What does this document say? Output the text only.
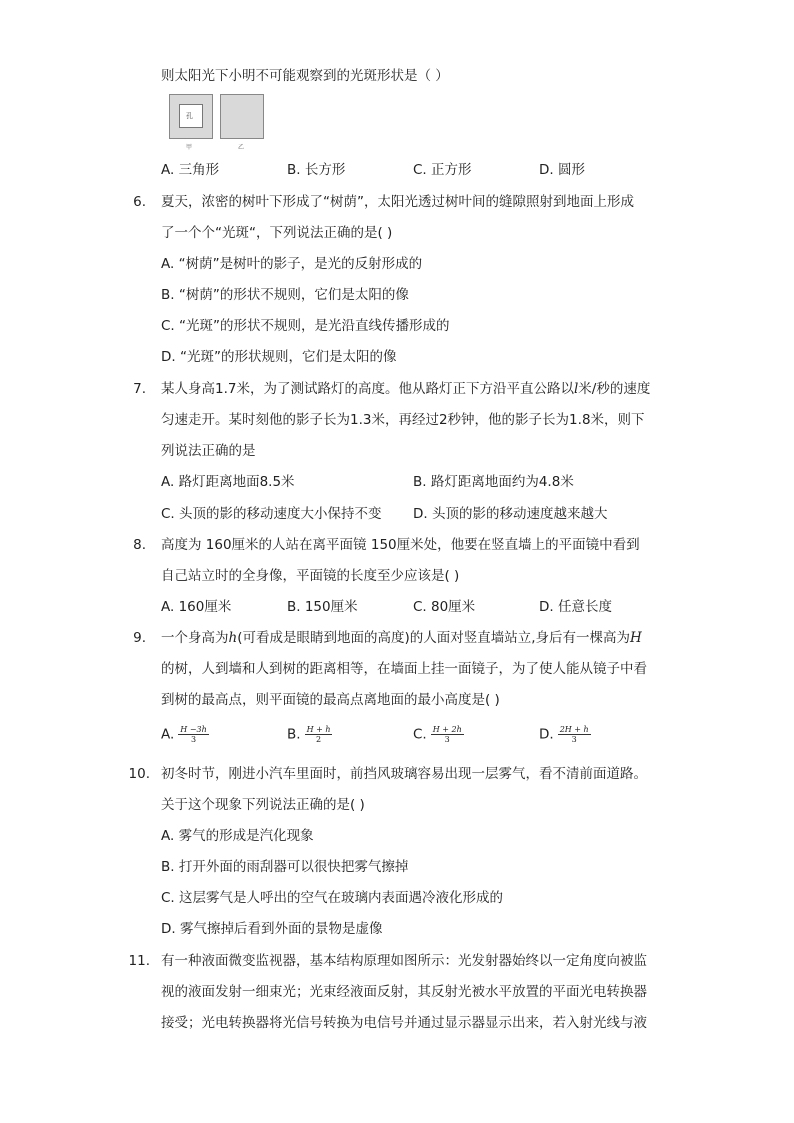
则太阳光下小明不可能观察到的光斑形状是（ ）
孔
甲	乙
A. 三角形	B. 长方形	C. 正方形	D. 圆形
6. 夏天，浓密的树叶下形成了“树荫”，太阳光透过树叶间的缝隙照射到地面上形成
了一个个“光斑“，下列说法正确的是( )
A. “树荫”是树叶的影子，是光的反射形成的
B. “树荫”的形状不规则，它们是太阳的像
C. “光斑”的形状不规则，是光沿直线传播形成的
D. “光斑”的形状规则，它们是太阳的像
7. 某人身高1.7米，为了测试路灯的高度。他从路灯正下方沿平直公路以l米/秒的速度
匀速走开。某时刻他的影子长为1.3米，再经过2秒钟，他的影子长为1.8米，则下
列说法正确的是
A. 路灯距离地面8.5米	B. 路灯距离地面约为4.8米
C. 头顶的影的移动速度大小保持不变 D. 头顶的影的移动速度越来越大
8. 高度为 160厘米的人站在离平面镜 150厘米处，他要在竖直墙上的平面镜中看到
自己站立时的全身像，平面镜的长度至少应该是( )
A. 160厘米	B. 150厘米	C. 80厘米	D. 任意长度
9. 一个身高为h(可看成是眼睛到地面的高度)的人面对竖直墙站立,身后有一棵高为H
的树，人到墙和人到树的距离相等，在墙面上挂一面镜子，为了使人能从镜子中看
到树的最高点，则平面镜的最高点离地面的最小高度是( )
A. $\frac{H -3h}{3}$	B. $\frac{H + h}{2}$	C. $\frac{H + 2h}{3}$	D. $\frac{2H + h}{3}$
10. 初冬时节，刚进小汽车里面时，前挡风玻璃容易出现一层雾气，看不清前面道路。
关于这个现象下列说法正确的是( )
A. 雾气的形成是汽化现象
B. 打开外面的雨刮器可以很快把雾气擦掉
C. 这层雾气是人呼出的空气在玻璃内表面遇冷液化形成的
D. 雾气擦掉后看到外面的景物是虚像
11. 有一种液面微变监视器，基本结构原理如图所示：光发射器始终以一定角度向被监
视的液面发射一细束光；光束经液面反射，其反射光被水平放置的平面光电转换器
接受；光电转换器将光信号转换为电信号并通过显示器显示出来，若入射光线与液
